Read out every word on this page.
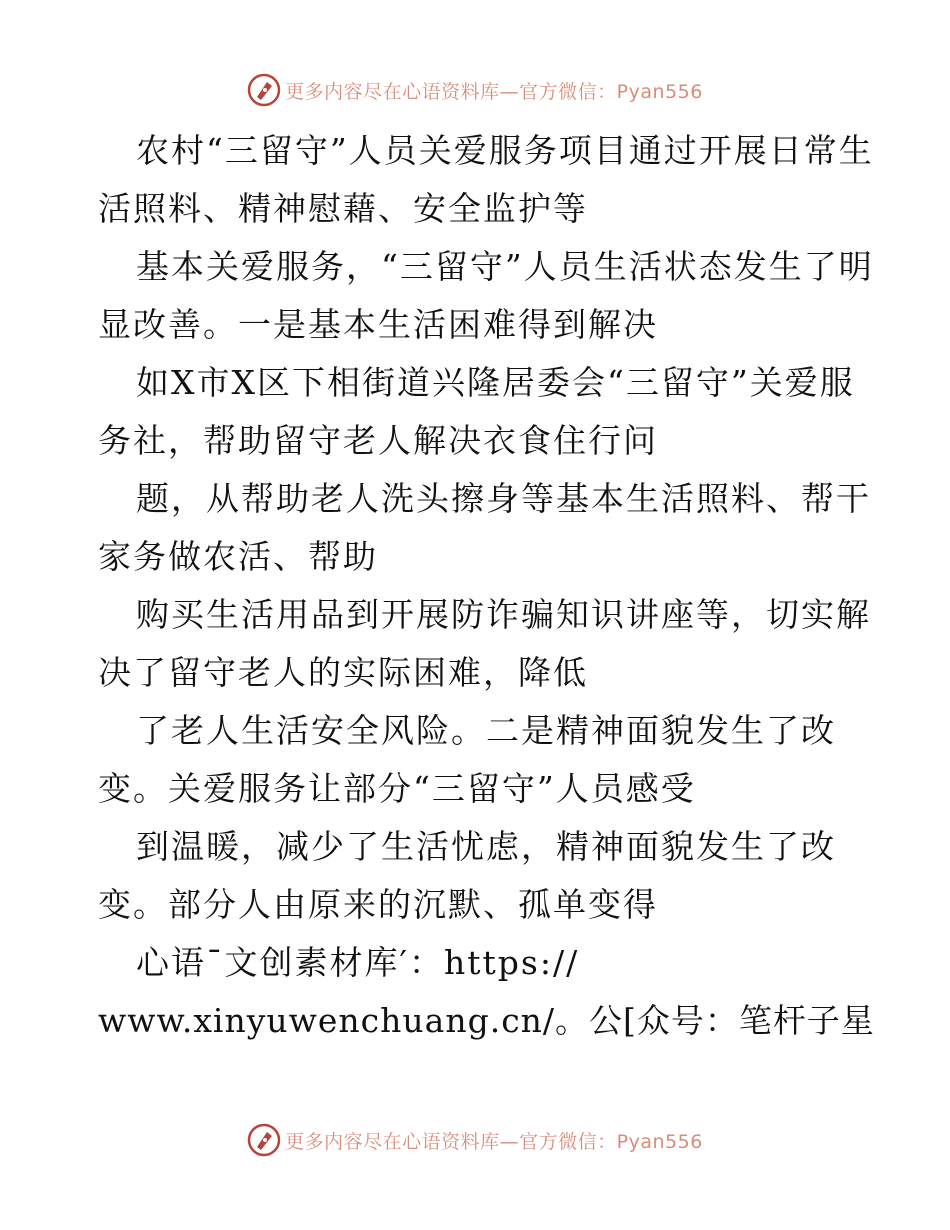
更多内容尽在心语资料库—官方微信：Pyan556

农村“三留守”人员关爱服务项目通过开展日常生活照料、精神慰藉、安全监护等

基本关爱服务，“三留守”人员生活状态发生了明显改善。一是基本生活困难得到解决

如X市X区下相街道兴隆居委会“三留守”关爱服务社，帮助留守老人解决衣食住行问

题，从帮助老人洗头擦身等基本生活照料、帮干家务做农活、帮助

购买生活用品到开展防诈骗知识讲座等，切实解决了留守老人的实际困难，降低

了老人生活安全风险。二是精神面貌发生了改变。关爱服务让部分“三留守”人员感受

到温暖，减少了生活忧虑，精神面貌发生了改变。部分人由原来的沉默、孤单变得

心语¯文创素材库′：https://

www.xinyuwenchuang.cn/。公[众号：笔杆子星

更多内容尽在心语资料库—官方微信：Pyan556
